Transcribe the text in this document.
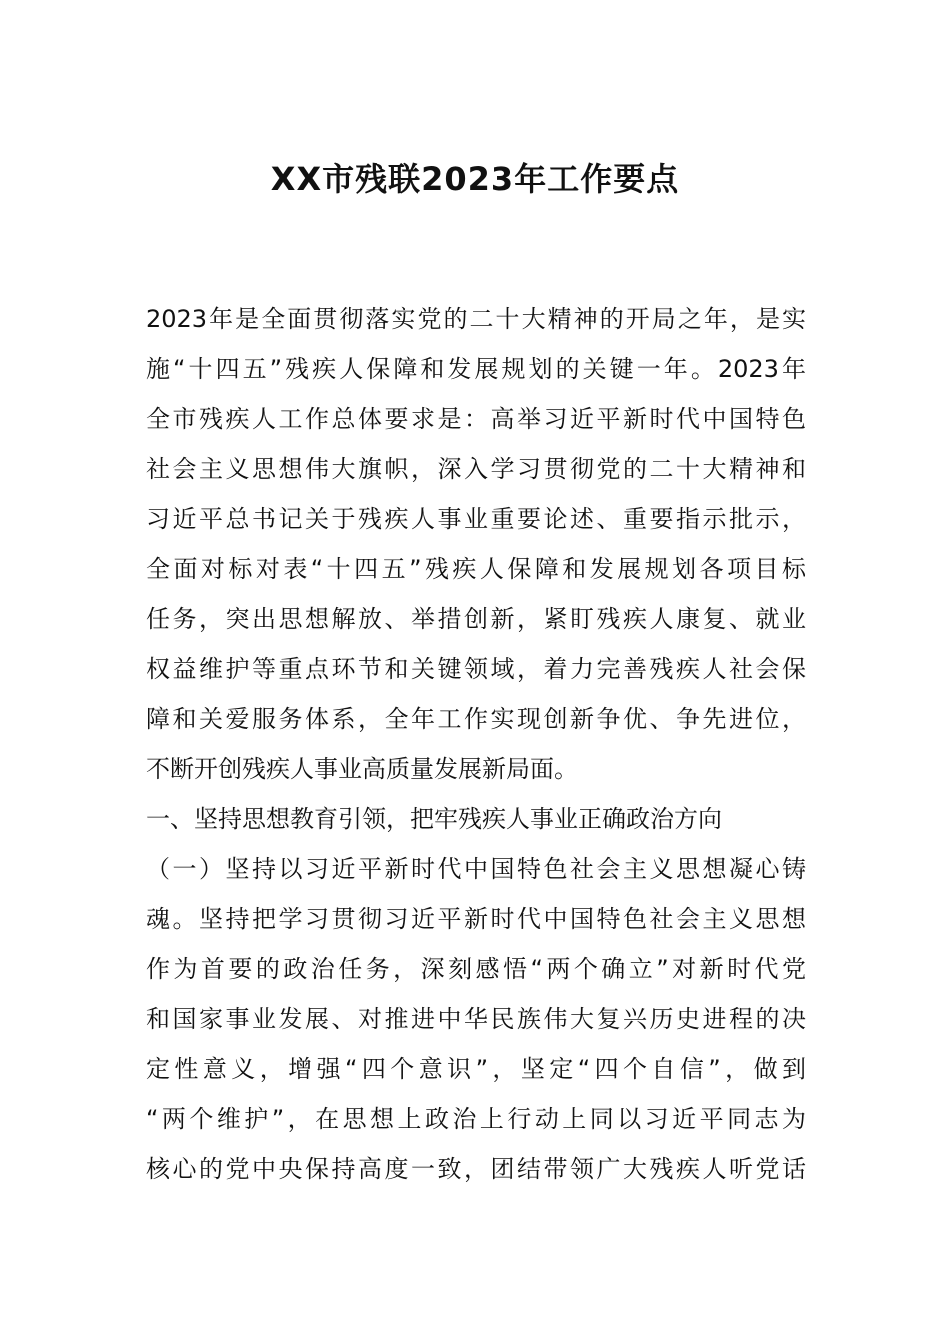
XX市残联2023年工作要点
2023年是全面贯彻落实党的二十大精神的开局之年，是实
施“十四五”残疾人保障和发展规划的关键一年。2023年
全市残疾人工作总体要求是：高举习近平新时代中国特色
社会主义思想伟大旗帜，深入学习贯彻党的二十大精神和
习近平总书记关于残疾人事业重要论述、重要指示批示，
全面对标对表“十四五”残疾人保障和发展规划各项目标
任务，突出思想解放、举措创新，紧盯残疾人康复、就业
权益维护等重点环节和关键领域，着力完善残疾人社会保
障和关爱服务体系，全年工作实现创新争优、争先进位，
不断开创残疾人事业高质量发展新局面。
一、坚持思想教育引领，把牢残疾人事业正确政治方向
（一）坚持以习近平新时代中国特色社会主义思想凝心铸
魂。坚持把学习贯彻习近平新时代中国特色社会主义思想
作为首要的政治任务，深刻感悟“两个确立”对新时代党
和国家事业发展、对推进中华民族伟大复兴历史进程的决
定性意义，增强“四个意识”，坚定“四个自信”，做到
“两个维护”，在思想上政治上行动上同以习近平同志为
核心的党中央保持高度一致，团结带领广大残疾人听党话
